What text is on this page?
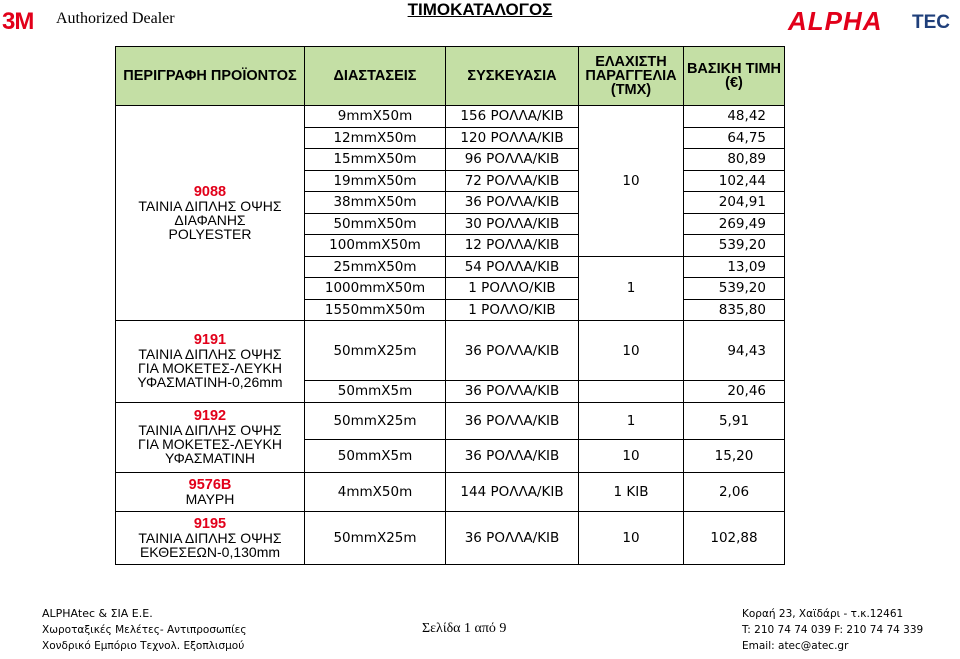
3M Authorized Dealer	ΤΙΜΟΚΑΤΑΛΟΓΟΣ	ALPHA TEC
ΠΕΡΙΓΡΑΦΗ ΠΡΟΪΟΝΤΟΣ	ΔΙΑΣΤΑΣΕΙΣ	ΣΥΣΚΕΥΑΣΙΑ	ΕΛΑΧΙΣΤΗ ΠΑΡΑΓΓΕΛΙΑ (ΤΜΧ)	ΒΑΣΙΚΗ ΤΙΜΗ (€)

9088
ΤΑΙΝΙΑ ΔΙΠΛΗΣ ΟΨΗΣ
ΔΙΑΦΑΝΗΣ
POLYESTER	9mmX50m	156 ΡΟΛΛΑ/ΚΙΒ	10	48,42
	12mmX50m	120 ΡΟΛΛΑ/ΚΙΒ		64,75
	15mmX50m	96 ΡΟΛΛΑ/ΚΙΒ		80,89
	19mmX50m	72 ΡΟΛΛΑ/ΚΙΒ		102,44
	38mmX50m	36 ΡΟΛΛΑ/ΚΙΒ		204,91
	50mmX50m	30 ΡΟΛΛΑ/ΚΙΒ		269,49
	100mmX50m	12 ΡΟΛΛΑ/ΚΙΒ		539,20
	25mmX50m	54 ΡΟΛΛΑ/ΚΙΒ	1	13,09
	1000mmX50m	1 ΡΟΛΛΟ/ΚΙΒ		539,20
	1550mmX50m	1 ΡΟΛΛΟ/ΚΙΒ		835,80

9191
ΤΑΙΝΙΑ ΔΙΠΛΗΣ ΟΨΗΣ
ΓΙΑ ΜΟΚΕΤΕΣ-ΛΕΥΚΗ
ΥΦΑΣΜΑΤΙΝΗ-0,26mm	50mmX25m	36 ΡΟΛΛΑ/ΚΙΒ	10	94,43
	50mmX5m	36 ΡΟΛΛΑ/ΚΙΒ		20,46

9192
ΤΑΙΝΙΑ ΔΙΠΛΗΣ ΟΨΗΣ
ΓΙΑ ΜΟΚΕΤΕΣ-ΛΕΥΚΗ
ΥΦΑΣΜΑΤΙΝΗ	50mmX25m	36 ΡΟΛΛΑ/ΚΙΒ	1	5,91
	50mmX5m	36 ΡΟΛΛΑ/ΚΙΒ	10	15,20

9576B
ΜΑΥΡΗ	4mmX50m	144 ΡΟΛΛΑ/ΚΙΒ	1 ΚΙΒ	2,06

9195
ΤΑΙΝΙΑ ΔΙΠΛΗΣ ΟΨΗΣ
ΕΚΘΕΣΕΩΝ-0,130mm	50mmX25m	36 ΡΟΛΛΑ/ΚΙΒ	10	102,88
ALPHAtec & ΣΙΑ Ε.Ε.
Χωροταξικές Μελέτες- Αντιπροσωπίες
Χονδρικό Εμπόριο Τεχνολ. Εξοπλισμού
Σελίδα 1 από 9
Κοραή 23, Χαϊδάρι - τ.κ.12461
T: 210 74 74 039 F: 210 74 74 339
Email: atec@atec.gr
